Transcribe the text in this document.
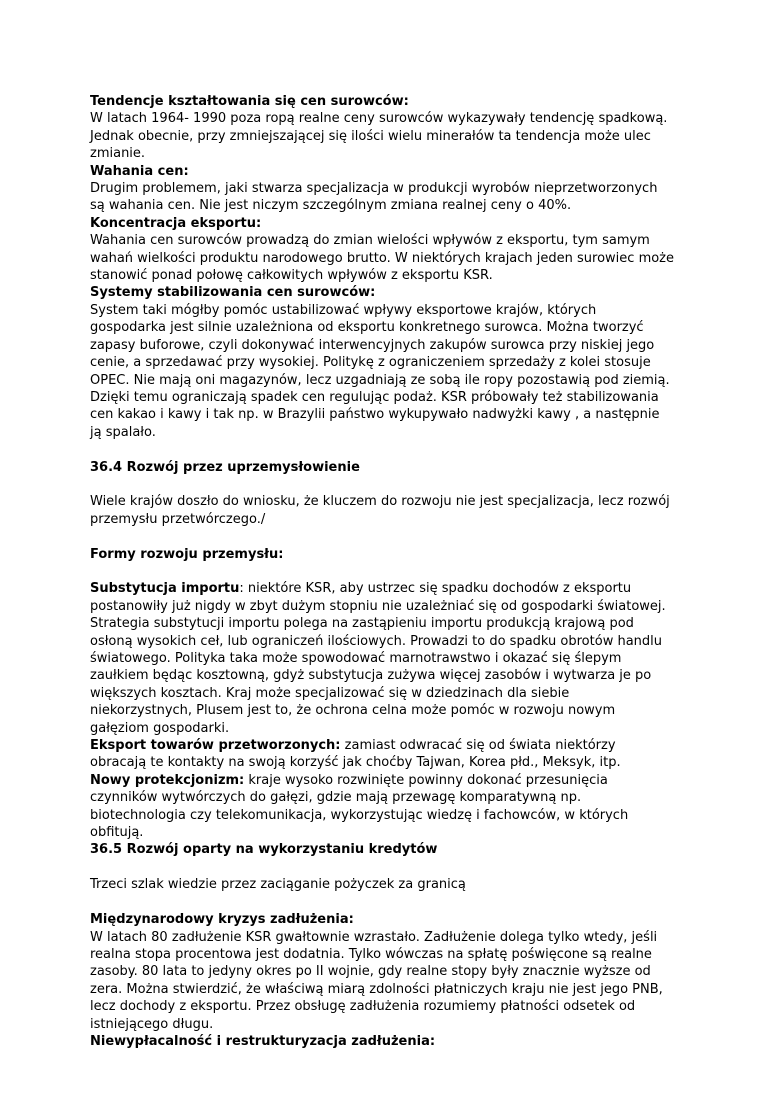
Tendencje kształtowania się cen surowców:
W latach 1964- 1990 poza ropą realne ceny surowców wykazywały tendencję spadkową. Jednak obecnie, przy zmniejszającej się ilości wielu minerałów ta tendencja może ulec zmianie.
Wahania cen:
Drugim problemem, jaki stwarza specjalizacja w produkcji wyrobów nieprzetworzonych są wahania cen. Nie jest niczym szczególnym zmiana realnej ceny o 40%.
Koncentracja eksportu:
Wahania cen surowców prowadzą do zmian wielości wpływów z eksportu, tym samym wahań wielkości produktu narodowego brutto. W niektórych krajach jeden surowiec może stanowić ponad połowę całkowitych wpływów z eksportu KSR.
Systemy stabilizowania cen surowców:
System taki mógłby pomóc ustabilizować wpływy eksportowe krajów, których gospodarka jest silnie uzależniona od eksportu konkretnego surowca. Można tworzyć zapasy buforowe, czyli dokonywać interwencyjnych zakupów surowca przy niskiej jego cenie, a sprzedawać przy wysokiej. Politykę z ograniczeniem sprzedaży z kolei stosuje OPEC. Nie mają oni magazynów, lecz uzgadniają ze sobą ile ropy pozostawią pod ziemią. Dzięki temu ograniczają spadek cen regulując podaż. KSR próbowały też stabilizowania cen kakao i kawy i tak np. w Brazylii państwo wykupywało nadwyżki kawy , a następnie ją spalało.

36.4 Rozwój przez uprzemysłowienie

Wiele krajów doszło do wniosku, że kluczem do rozwoju nie jest specjalizacja, lecz rozwój przemysłu przetwórczego./

Formy rozwoju przemysłu:

Substytucja importu: niektóre KSR, aby ustrzec się spadku dochodów z eksportu postanowiły już nigdy w zbyt dużym stopniu nie uzależniać się od gospodarki światowej. Strategia substytucji importu polega na zastąpieniu importu produkcją krajową pod osłoną wysokich ceł, lub ograniczeń ilościowych. Prowadzi to do spadku obrotów handlu światowego. Polityka taka może spowodować marnotrawstwo i okazać się ślepym zaułkiem będąc kosztowną, gdyż substytucja zużywa więcej zasobów i wytwarza je po większych kosztach. Kraj może specjalizować się w dziedzinach dla siebie niekorzystnych, Plusem jest to, że ochrona celna może pomóc w rozwoju nowym gałęziom gospodarki.
Eksport towarów przetworzonych: zamiast odwracać się od świata niektórzy obracają te kontakty na swoją korzyść jak choćby Tajwan, Korea płd., Meksyk, itp.
Nowy protekcjonizm: kraje wysoko rozwinięte powinny dokonać przesunięcia czynników wytwórczych do gałęzi, gdzie mają przewagę komparatywną np. biotechnologia czy telekomunikacja, wykorzystując wiedzę i fachowców, w których obfitują.
36.5 Rozwój oparty na wykorzystaniu kredytów

Trzeci szlak wiedzie przez zaciąganie pożyczek za granicą

Międzynarodowy kryzys zadłużenia:
W latach 80 zadłużenie KSR gwałtownie wzrastało. Zadłużenie dolega tylko wtedy, jeśli realna stopa procentowa jest dodatnia. Tylko wówczas na spłatę poświęcone są realne zasoby. 80 lata to jedyny okres po II wojnie, gdy realne stopy były znacznie wyższe od zera. Można stwierdzić, że właściwą miarą zdolności płatniczych kraju nie jest jego PNB, lecz dochody z eksportu. Przez obsługę zadłużenia rozumiemy płatności odsetek od istniejącego długu.
Niewypłacalność i restrukturyzacja zadłużenia:
